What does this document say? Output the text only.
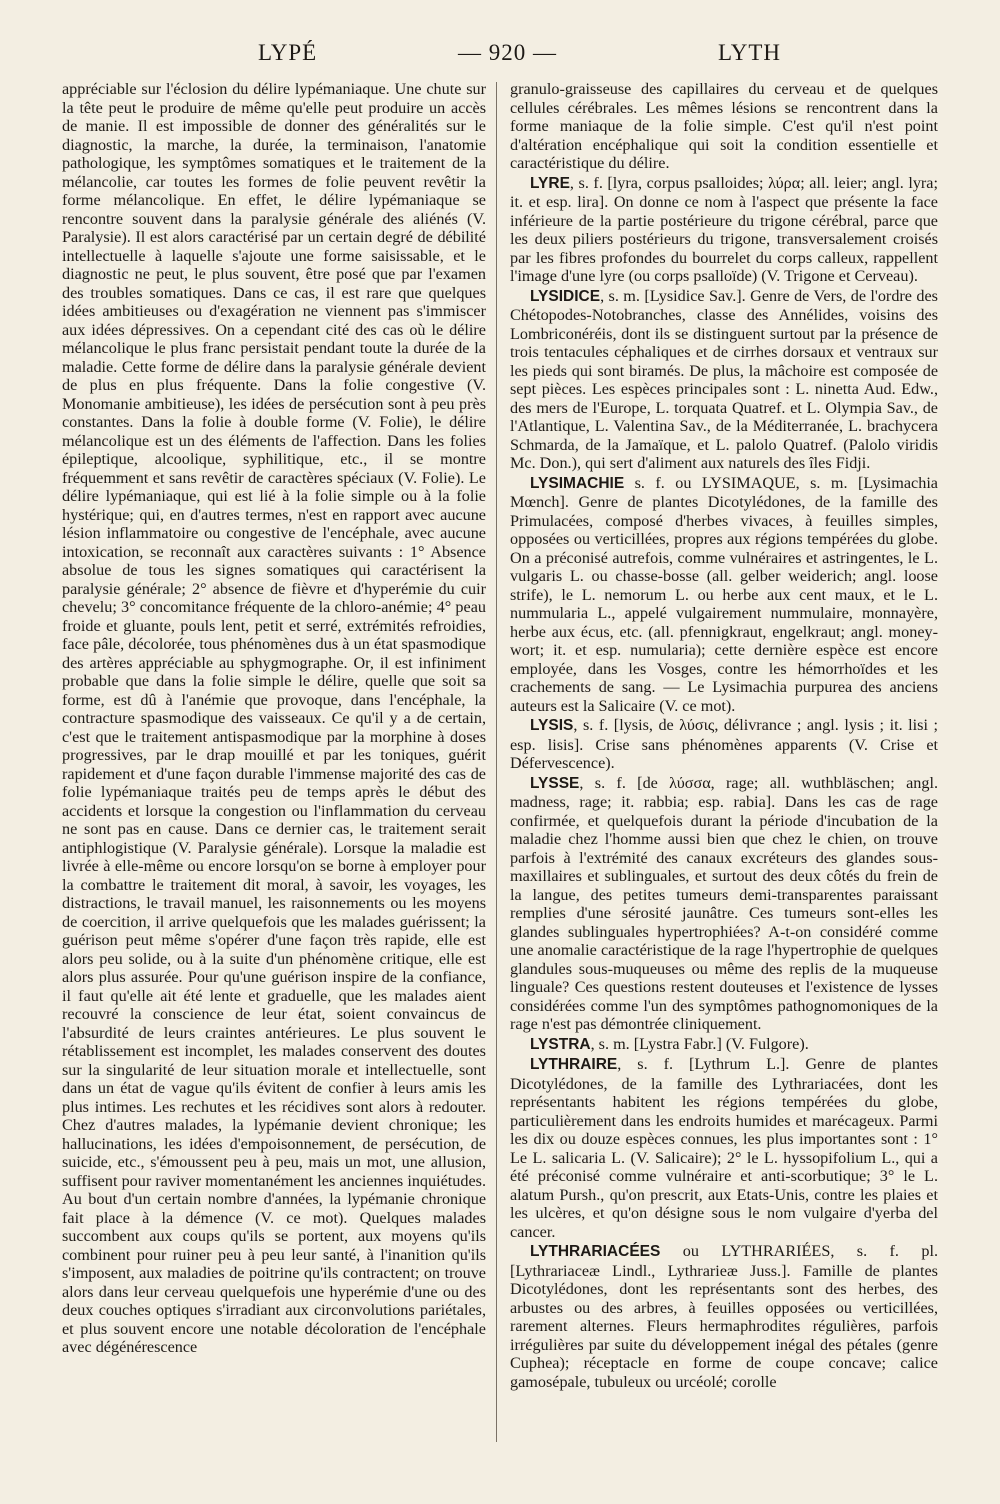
LYPÉ	— 920 —	LYTH

appréciable sur l'éclosion du délire lypémaniaque. Une chute sur la tête peut le produire de même qu'elle peut produire un accès de manie. Il est impossible de donner des généralités sur le diagnostic, la marche, la durée, la terminaison, l'anatomie pathologique, les symptômes somatiques et le traitement de la mélancolie, car toutes les formes de folie peuvent revêtir la forme mélancolique. En effet, le délire lypémaniaque se rencontre souvent dans la paralysie générale des aliénés (V. Paralysie). Il est alors caractérisé par un certain degré de débilité intellectuelle à laquelle s'ajoute une forme saisissable, et le diagnostic ne peut, le plus souvent, être posé que par l'examen des troubles somatiques. Dans ce cas, il est rare que quelques idées ambitieuses ou d'exagération ne viennent pas s'immiscer aux idées dépressives. On a cependant cité des cas où le délire mélancolique le plus franc persistait pendant toute la durée de la maladie. Cette forme de délire dans la paralysie générale devient de plus en plus fréquente. Dans la folie congestive (V. Monomanie ambitieuse), les idées de persécution sont à peu près constantes. Dans la folie à double forme (V. Folie), le délire mélancolique est un des éléments de l'affection. Dans les folies épileptique, alcoolique, syphilitique, etc., il se montre fréquemment et sans revêtir de caractères spéciaux (V. Folie). Le délire lypémaniaque, qui est lié à la folie simple ou à la folie hystérique; qui, en d'autres termes, n'est en rapport avec aucune lésion inflammatoire ou congestive de l'encéphale, avec aucune intoxication, se reconnaît aux caractères suivants : 1° Absence absolue de tous les signes somatiques qui caractérisent la paralysie générale; 2° absence de fièvre et d'hyperémie du cuir chevelu; 3° concomitance fréquente de la chloro-anémie; 4° peau froide et gluante, pouls lent, petit et serré, extrémités refroidies, face pâle, décolorée, tous phénomènes dus à un état spasmodique des artères appréciable au sphygmographe. Or, il est infiniment probable que dans la folie simple le délire, quelle que soit sa forme, est dû à l'anémie que provoque, dans l'encéphale, la contracture spasmodique des vaisseaux. Ce qu'il y a de certain, c'est que le traitement antispasmodique par la morphine à doses progressives, par le drap mouillé et par les toniques, guérit rapidement et d'une façon durable l'immense majorité des cas de folie lypémaniaque traités peu de temps après le début des accidents et lorsque la congestion ou l'inflammation du cerveau ne sont pas en cause. Dans ce dernier cas, le traitement serait antiphlogistique (V. Paralysie générale). Lorsque la maladie est livrée à elle-même ou encore lorsqu'on se borne à employer pour la combattre le traitement dit moral, à savoir, les voyages, les distractions, le travail manuel, les raisonnements ou les moyens de coercition, il arrive quelquefois que les malades guérissent; la guérison peut même s'opérer d'une façon très rapide, elle est alors peu solide, ou à la suite d'un phénomène critique, elle est alors plus assurée. Pour qu'une guérison inspire de la confiance, il faut qu'elle ait été lente et graduelle, que les malades aient recouvré la conscience de leur état, soient convaincus de l'absurdité de leurs craintes antérieures. Le plus souvent le rétablissement est incomplet, les malades conservent des doutes sur la singularité de leur situation morale et intellectuelle, sont dans un état de vague qu'ils évitent de confier à leurs amis les plus intimes. Les rechutes et les récidives sont alors à redouter. Chez d'autres malades, la lypémanie devient chronique; les hallucinations, les idées d'empoisonnement, de persécution, de suicide, etc., s'émoussent peu à peu, mais un mot, une allusion, suffisent pour raviver momentanément les anciennes inquiétudes. Au bout d'un certain nombre d'années, la lypémanie chronique fait place à la démence (V. ce mot). Quelques malades succombent aux coups qu'ils se portent, aux moyens qu'ils combinent pour ruiner peu à peu leur santé, à l'inanition qu'ils s'imposent, aux maladies de poitrine qu'ils contractent; on trouve alors dans leur cerveau quelquefois une hyperémie d'une ou des deux couches optiques s'irradiant aux circonvolutions pariétales, et plus souvent encore une notable décoloration de l'encéphale avec dégénérescence

granulo-graisseuse des capillaires du cerveau et de quelques cellules cérébrales. Les mêmes lésions se rencontrent dans la forme maniaque de la folie simple. C'est qu'il n'est point d'altération encéphalique qui soit la condition essentielle et caractéristique du délire.

LYRE, s. f. [lyra, corpus psalloides; λύρα; all. leier; angl. lyra; it. et esp. lira]. On donne ce nom à l'aspect que présente la face inférieure de la partie postérieure du trigone cérébral, parce que les deux piliers postérieurs du trigone, transversalement croisés par les fibres profondes du bourrelet du corps calleux, rappellent l'image d'une lyre (ou corps psalloïde) (V. Trigone et Cerveau).

LYSIDICE, s. m. [Lysidice Sav.]. Genre de Vers, de l'ordre des Chétopodes-Notobranches, classe des Annélides, voisins des Lombriconéréis, dont ils se distinguent surtout par la présence de trois tentacules céphaliques et de cirrhes dorsaux et ventraux sur les pieds qui sont biramés. De plus, la mâchoire est composée de sept pièces. Les espèces principales sont : L. ninetta Aud. Edw., des mers de l'Europe, L. torquata Quatref. et L. Olympia Sav., de l'Atlantique, L. Valentina Sav., de la Méditerranée, L. brachycera Schmarda, de la Jamaïque, et L. palolo Quatref. (Palolo viridis Mc. Don.), qui sert d'aliment aux naturels des îles Fidji.

LYSIMACHIE s. f. ou LYSIMAQUE, s. m. [Lysimachia Mœnch]. Genre de plantes Dicotylédones, de la famille des Primulacées, composé d'herbes vivaces, à feuilles simples, opposées ou verticillées, propres aux régions tempérées du globe. On a préconisé autrefois, comme vulnéraires et astringentes, le L. vulgaris L. ou chasse-bosse (all. gelber weiderich; angl. loose strife), le L. nemorum L. ou herbe aux cent maux, et le L. nummularia L., appelé vulgairement nummulaire, monnayère, herbe aux écus, etc. (all. pfennigkraut, engelkraut; angl. money-wort; it. et esp. numularia); cette dernière espèce est encore employée, dans les Vosges, contre les hémorrhoïdes et les crachements de sang. — Le Lysimachia purpurea des anciens auteurs est la Salicaire (V. ce mot).

LYSIS, s. f. [lysis, de λύσις, délivrance ; angl. lysis ; it. lisi ; esp. lisis]. Crise sans phénomènes apparents (V. Crise et Défervescence).

LYSSE, s. f. [de λύσσα, rage; all. wuthbläschen; angl. madness, rage; it. rabbia; esp. rabia]. Dans les cas de rage confirmée, et quelquefois durant la période d'incubation de la maladie chez l'homme aussi bien que chez le chien, on trouve parfois à l'extrémité des canaux excréteurs des glandes sous-maxillaires et sublinguales, et surtout des deux côtés du frein de la langue, des petites tumeurs demi-transparentes paraissant remplies d'une sérosité jaunâtre. Ces tumeurs sont-elles les glandes sublinguales hypertrophiées? A-t-on considéré comme une anomalie caractéristique de la rage l'hypertrophie de quelques glandules sous-muqueuses ou même des replis de la muqueuse linguale? Ces questions restent douteuses et l'existence de lysses considérées comme l'un des symptômes pathognomoniques de la rage n'est pas démontrée cliniquement.

LYSTRA, s. m. [Lystra Fabr.] (V. Fulgore).

LYTHRAIRE, s. f. [Lythrum L.]. Genre de plantes Dicotylédones, de la famille des Lythrariacées, dont les représentants habitent les régions tempérées du globe, particulièrement dans les endroits humides et marécageux. Parmi les dix ou douze espèces connues, les plus importantes sont : 1° Le L. salicaria L. (V. Salicaire); 2° le L. hyssopifolium L., qui a été préconisé comme vulnéraire et anti-scorbutique; 3° le L. alatum Pursh., qu'on prescrit, aux Etats-Unis, contre les plaies et les ulcères, et qu'on désigne sous le nom vulgaire d'yerba del cancer.

LYTHRARIACÉES ou LYTHRARIÉES, s. f. pl. [Lythrariaceæ Lindl., Lythrarieæ Juss.]. Famille de plantes Dicotylédones, dont les représentants sont des herbes, des arbustes ou des arbres, à feuilles opposées ou verticillées, rarement alternes. Fleurs hermaphrodites régulières, parfois irrégulières par suite du développement inégal des pétales (genre Cuphea); réceptacle en forme de coupe concave; calice gamosépale, tubuleux ou urcéolé; corolle
